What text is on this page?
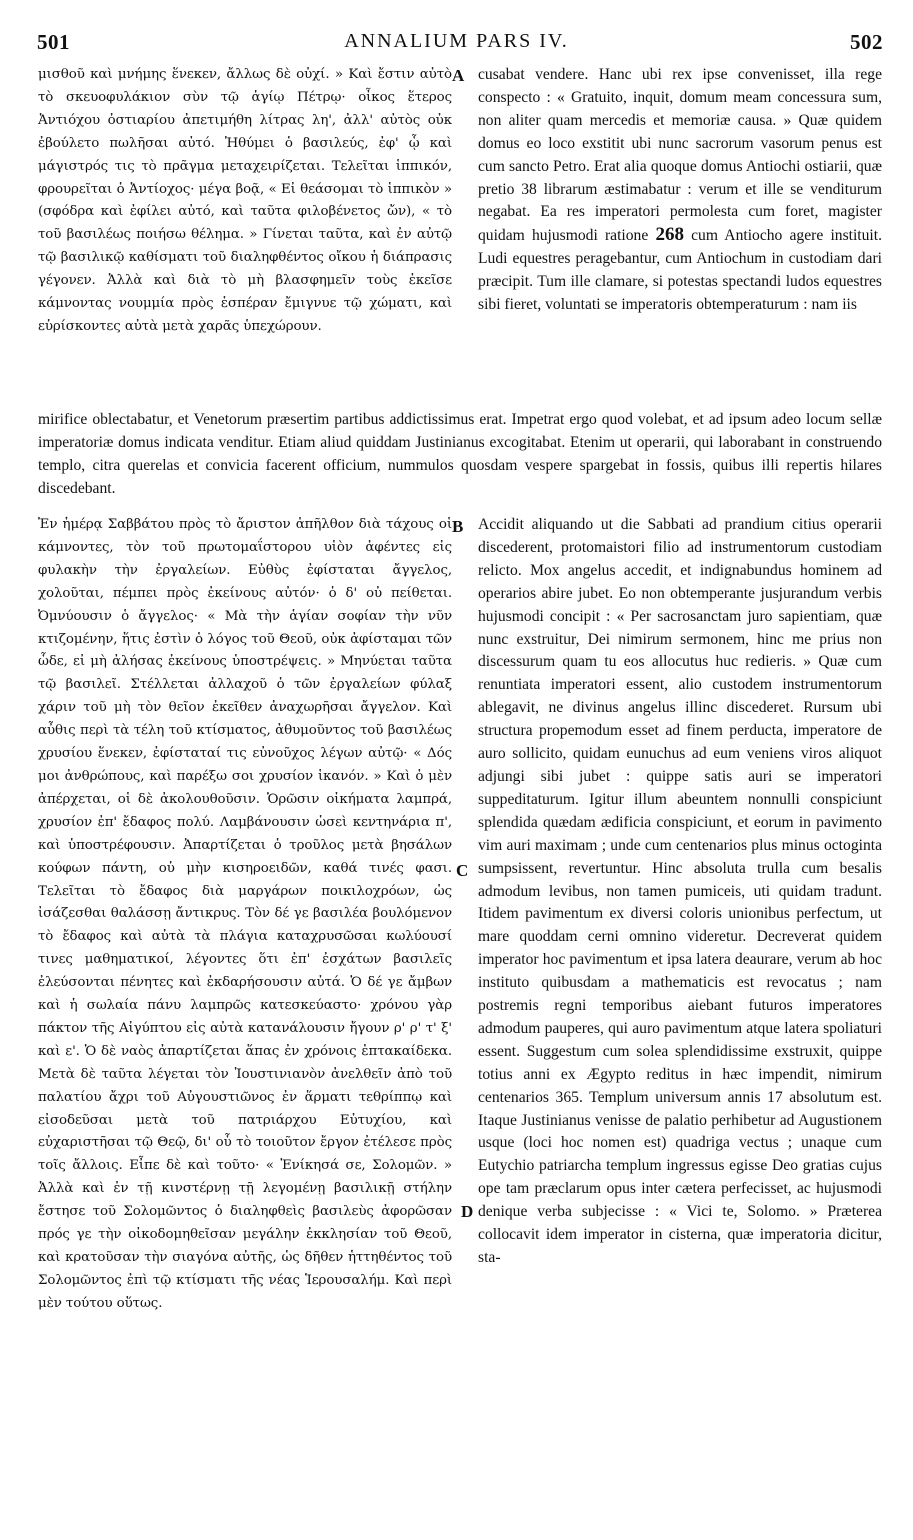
501	ANNALIUM PARS IV.	502

μισθοῦ καὶ μνήμης ἕνεκεν, ἄλλως δὲ οὐχί. » Καὶ ἔστιν αὐτὸ τὸ σκευοφυλάκιον σὺν τῷ ἁγίῳ Πέτρῳ· οἶκος ἕτερος Ἀντιόχου ὀστιαρίου ἀπετιμήθη λίτρας λη', ἀλλ' αὐτὸς οὐκ ἐβούλετο πωλῆσαι αὐτό. Ἠθύμει ὁ βασιλεύς, ἐφ' ᾧ καὶ μάγιστρός τις τὸ πρᾶγμα μεταχειρίζεται. Τελεῖται ἱππικόν, φρουρεῖται ὁ Ἀντίοχος· μέγα βοᾷ, « Εἰ θεάσομαι τὸ ἱππικὸν » (σφόδρα καὶ ἐφίλει αὐτό, καὶ ταῦτα φιλοβένετος ὤν), « τὸ τοῦ βασιλέως ποιήσω θέλημα. » Γίνεται ταῦτα, καὶ ἐν αὐτῷ τῷ βασιλικῷ καθίσματι τοῦ διαληφθέντος οἴκου ἡ διάπρασις γέγονεν. Ἀλλὰ καὶ διὰ τὸ μὴ βλασφημεῖν τοὺς ἐκεῖσε κάμνοντας νουμμία πρὸς ἑσπέραν ἔμιγνυε τῷ χώματι, καὶ εὑρίσκοντες αὐτὰ μετὰ χαρᾶς ὑπεχώρουν.

A cusabat vendere. Hanc ubi rex ipse convenisset, illa rege conspecto : « Gratuito, inquit, domum meam concessura sum, non aliter quam mercedis et memoriæ causa. » Quæ quidem domus eo loco exstitit ubi nunc sacrorum vasorum penus est cum sancto Petro. Erat alia quoque domus Antiochi ostiarii, quæ pretio 38 librarum æstimabatur : verum et ille se venditurum negabat. Ea res imperatori permolesta cum foret, magister quidam hujusmodi ratione 268 cum Antiocho agere instituit. Ludi equestres peragebantur, cum Antiochum in custodiam dari præcipit. Tum ille clamare, si potestas spectandi ludos equestres sibi fieret, voluntati se imperatoris obtemperaturum : nam iis

mirifice oblectabatur, et Venetorum præsertim partibus addictissimus erat. Impetrat ergo quod volebat, et ad ipsum adeo locum sellæ imperatoriæ domus indicata venditur. Etiam aliud quiddam Justinianus excogitabat. Etenim ut operarii, qui laborabant in construendo templo, citra querelas et convicia facerent officium, nummulos quosdam vespere spargebat in fossis, quibus illi repertis hilares discedebant.

Ἐν ἡμέρᾳ Σαββάτου πρὸς τὸ ἄριστον ἀπῆλθον διὰ τάχους οἱ κάμνοντες, τὸν τοῦ πρωτομαΐστορου υἱὸν ἀφέντες εἰς φυλακὴν τὴν ἐργαλείων. Εὐθὺς ἐφίσταται ἄγγελος, χολοῦται, πέμπει πρὸς ἐκείνους αὐτόν· ὁ δ' οὐ πείθεται. Ὀμνύουσιν ὁ ἄγγελος· « Μὰ τὴν ἁγίαν σοφίαν τὴν νῦν κτιζομένην, ἥτις ἐστὶν ὁ λόγος τοῦ Θεοῦ, οὐκ ἀφίσταμαι τῶν ὧδε, εἰ μὴ ἀλήσας ἐκείνους ὑποστρέψεις. » Μηνύεται ταῦτα τῷ βασιλεῖ. Στέλλεται ἀλλαχοῦ ὁ τῶν ἐργαλείων φύλαξ χάριν τοῦ μὴ τὸν θεῖον ἐκεῖθεν ἀναχωρῆσαι ἄγγελον. Καὶ αὖθις περὶ τὰ τέλη τοῦ κτίσματος, ἀθυμοῦντος τοῦ βασιλέως χρυσίου ἕνεκεν, ἐφίσταταί τις εὐνοῦχος λέγων αὐτῷ· « Δός μοι ἀνθρώπους, καὶ παρέξω σοι χρυσίον ἱκανόν. » Καὶ ὁ μὲν ἀπέρχεται, οἱ δὲ ἀκολουθοῦσιν. Ὁρῶσιν οἰκήματα λαμπρά, χρυσίον ἐπ' ἔδαφος πολύ. Λαμβάνουσιν ὡσεὶ κεντηνάρια π', καὶ ὑποστρέφουσιν. Ἀπαρτίζεται ὁ τροῦλος μετὰ βησάλων κούφων πάντη, οὐ μὴν κισηροειδῶν, καθά τινές φασι. Τελεῖται τὸ ἔδαφος διὰ μαργάρων ποικιλοχρόων, ὡς ἰσάζεσθαι θαλάσσῃ ἄντικρυς. Τὸν δέ γε βασιλέα βουλόμενον τὸ ἔδαφος καὶ αὐτὰ τὰ πλάγια καταχρυσῶσαι κωλύουσί τινες μαθηματικοί, λέγοντες ὅτι ἐπ' ἐσχάτων βασιλεῖς ἐλεύσονται πένητες καὶ ἐκδαρήσουσιν αὐτά. Ὁ δέ γε ἄμβων καὶ ἡ σωλαία πάνυ λαμπρῶς κατεσκεύαστο· χρόνου γὰρ πάκτον τῆς Αἰγύπτου εἰς αὐτὰ κατανάλουσιν ἤγουν ρ' ρ' τ' ξ' καὶ ε'. Ὁ δὲ ναὸς ἀπαρτίζεται ἅπας ἐν χρόνοις ἑπτακαίδεκα. Μετὰ δὲ ταῦτα λέγεται τὸν Ἰουστινιανὸν ἀνελθεῖν ἀπὸ τοῦ παλατίου ἄχρι τοῦ Αὐγουστιῶνος ἐν ἅρματι τεθρίππῳ καὶ εἰσοδεῦσαι μετὰ τοῦ πατριάρχου Εὐτυχίου, καὶ εὐχαριστῆσαι τῷ Θεῷ, δι' οὗ τὸ τοιοῦτον ἔργον ἐτέλεσε πρὸς τοῖς ἄλλοις. Εἶπε δὲ καὶ τοῦτο· « Ἐνίκησά σε, Σολομῶν. » Ἀλλὰ καὶ ἐν τῇ κινστέρνῃ τῇ λεγομένῃ βασιλικῇ στήλην ἔστησε τοῦ Σολομῶντος ὁ διαληφθεὶς βασιλεὺς ἀφορῶσαν πρός γε τὴν οἰκοδομηθεῖσαν μεγάλην ἐκκλησίαν τοῦ Θεοῦ, καὶ κρατοῦσαν τὴν σιαγόνα αὐτῆς, ὡς δῆθεν ἡττηθέντος τοῦ Σολομῶντος ἐπὶ τῷ κτίσματι τῆς νέας Ἱερουσαλήμ. Καὶ περὶ μὲν τούτου οὕτως.

B
C
D

Accidit aliquando ut die Sabbati ad prandium citius operarii discederent, protomaistori filio ad instrumentorum custodiam relicto. Mox angelus accedit, et indignabundus hominem ad operarios abire jubet. Eo non obtemperante jusjurandum verbis hujusmodi concipit : « Per sacrosanctam juro sapientiam, quæ nunc exstruitur, Dei nimirum sermonem, hinc me prius non discessurum quam tu eos allocutus huc redieris. » Quæ cum renuntiata imperatori essent, alio custodem instrumentorum ablegavit, ne divinus angelus illinc discederet. Rursum ubi structura propemodum esset ad finem perducta, imperatore de auro sollicito, quidam eunuchus ad eum veniens viros aliquot adjungi sibi jubet : quippe satis auri se imperatori suppeditaturum. Igitur illum abeuntem nonnulli conspiciunt splendida quædam ædificia conspiciunt, et eorum in pavimento vim auri maximam ; unde cum centenarios plus minus octoginta sumpsissent, revertuntur. Hinc absoluta trulla cum besalis admodum levibus, non tamen pumiceis, uti quidam tradunt. Itidem pavimentum ex diversi coloris unionibus perfectum, ut mare quoddam cerni omnino videretur. Decreverat quidem imperator hoc pavimentum et ipsa latera deaurare, verum ab hoc instituto quibusdam a mathematicis est revocatus ; nam postremis regni temporibus aiebant futuros imperatores admodum pauperes, qui auro pavimentum atque latera spoliaturi essent. Suggestum cum solea splendidissime exstruxit, quippe totius anni ex Ægypto reditus in hæc impendit, nimirum centenarios 365. Templum universum annis 17 absolutum est. Itaque Justinianus venisse de palatio perhibetur ad Augustionem usque (loci hoc nomen est) quadriga vectus ; unaque cum Eutychio patriarcha templum ingressus egisse Deo gratias cujus ope tam præclarum opus inter cætera perfecisset, ac hujusmodi denique verba subjecisse : « Vici te, Solomo. » Præterea collocavit idem imperator in cisterna, quæ imperatoria dicitur, sta-
